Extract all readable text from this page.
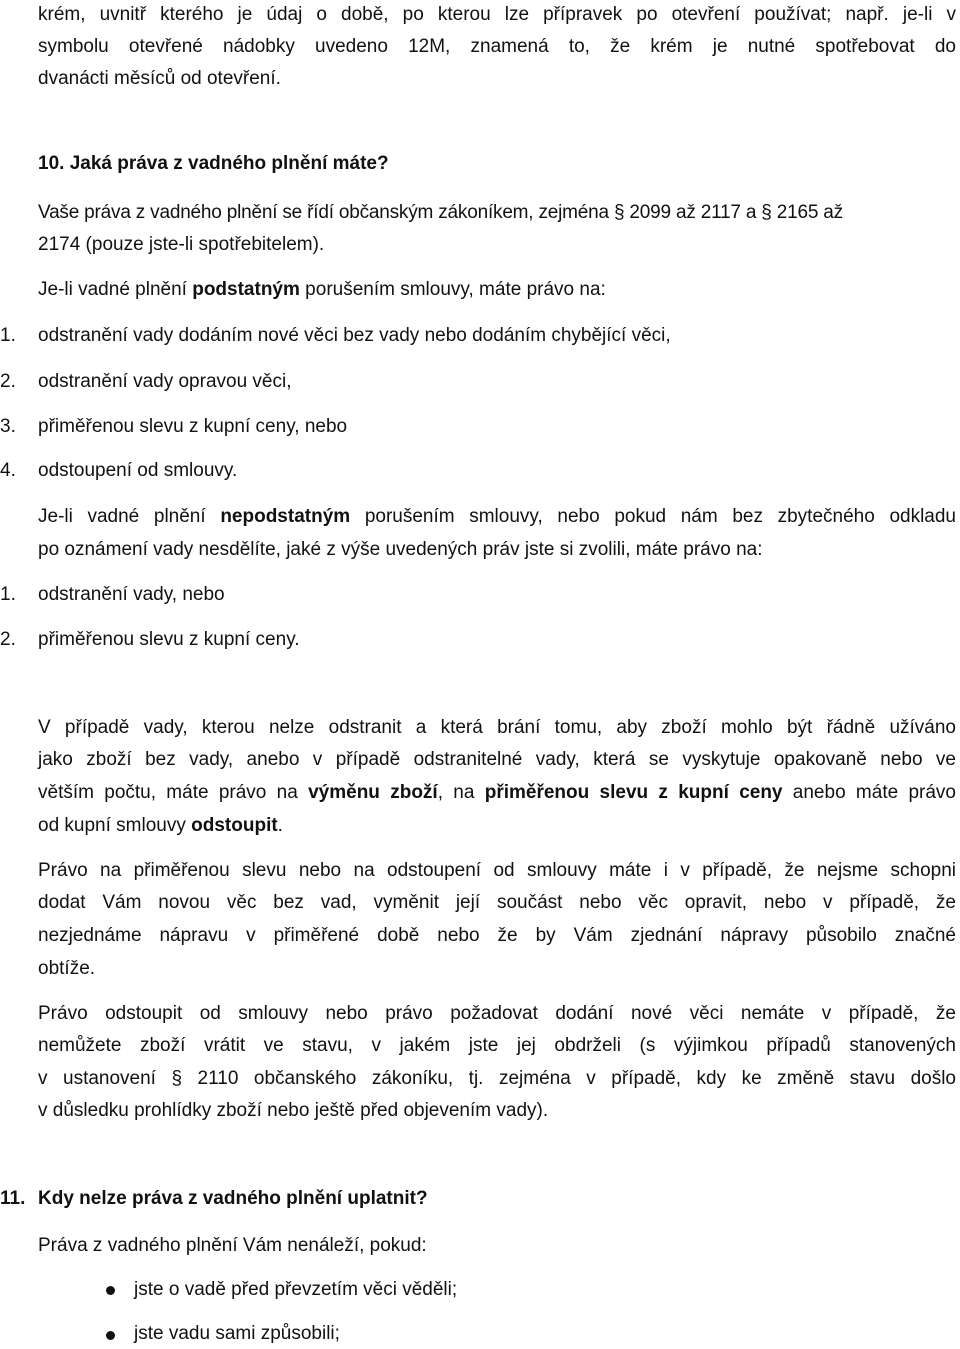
krém, uvnitř kterého je údaj o době, po kterou lze přípravek po otevření používat; např. je-li v

symbolu otevřené nádobky uvedeno 12M, znamená to, že krém je nutné spotřebovat do

dvanácti měsíců od otevření.

10. Jaká práva z vadného plnění máte?

Vaše práva z vadného plnění se řídí občanským zákoníkem, zejména § 2099 až 2117 a § 2165 až

2174 (pouze jste-li spotřebitelem).

Je-li vadné plnění podstatným porušením smlouvy, máte právo na:

1. odstranění vady dodáním nové věci bez vady nebo dodáním chybějící věci,
2. odstranění vady opravou věci,
3. přiměřenou slevu z kupní ceny, nebo
4. odstoupení od smlouvy.

Je-li vadné plnění nepodstatným porušením smlouvy, nebo pokud nám bez zbytečného odkladu

po oznámení vady nesdělíte, jaké z výše uvedených práv jste si zvolili, máte právo na:

1. odstranění vady, nebo
2. přiměřenou slevu z kupní ceny.

V případě vady, kterou nelze odstranit a která brání tomu, aby zboží mohlo být řádně užíváno

jako zboží bez vady, anebo v případě odstranitelné vady, která se vyskytuje opakovaně nebo ve

větším počtu, máte právo na výměnu zboží, na přiměřenou slevu z kupní ceny anebo máte právo

od kupní smlouvy odstoupit.

Právo na přiměřenou slevu nebo na odstoupení od smlouvy máte i v případě, že nejsme schopni

dodat Vám novou věc bez vad, vyměnit její součást nebo věc opravit, nebo v případě, že

nezjednáme nápravu v přiměřené době nebo že by Vám zjednání nápravy působilo značné

obtíže.

Právo odstoupit od smlouvy nebo právo požadovat dodání nové věci nemáte v případě, že

nemůžete zboží vrátit ve stavu, v jakém jste jej obdrželi (s výjimkou případů stanovených

v ustanovení § 2110 občanského zákoníku, tj. zejména v případě, kdy ke změně stavu došlo

v důsledku prohlídky zboží nebo ještě před objevením vady).

11. Kdy nelze práva z vadného plnění uplatnit?

Práva z vadného plnění Vám nenáleží, pokud:

jste o vadě před převzetím věci věděli;
jste vadu sami způsobili;
